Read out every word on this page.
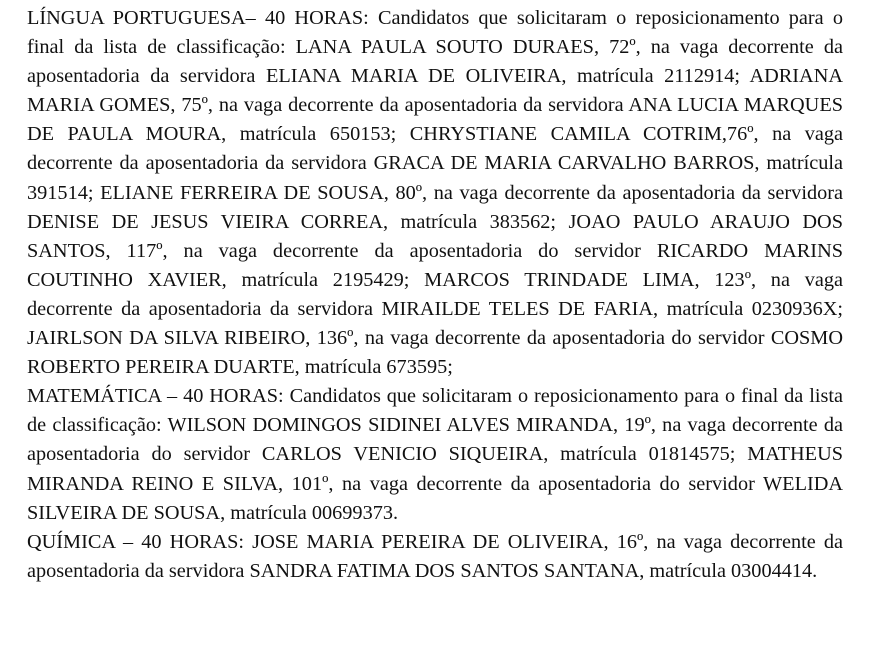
LÍNGUA PORTUGUESA– 40 HORAS: Candidatos que solicitaram o reposicionamento para o final da lista de classificação: LANA PAULA SOUTO DURAES, 72º, na vaga decorrente da aposentadoria da servidora ELIANA MARIA DE OLIVEIRA, matrícula 2112914; ADRIANA MARIA GOMES, 75º, na vaga decorrente da aposentadoria da servidora ANA LUCIA MARQUES DE PAULA MOURA, matrícula 650153; CHRYSTIANE CAMILA COTRIM,76º, na vaga decorrente da aposentadoria da servidora GRACA DE MARIA CARVALHO BARROS, matrícula 391514; ELIANE FERREIRA DE SOUSA, 80º, na vaga decorrente da aposentadoria da servidora DENISE DE JESUS VIEIRA CORREA, matrícula 383562; JOAO PAULO ARAUJO DOS SANTOS, 117º, na vaga decorrente da aposentadoria do servidor RICARDO MARINS COUTINHO XAVIER, matrícula 2195429; MARCOS TRINDADE LIMA, 123º, na vaga decorrente da aposentadoria da servidora MIRAILDE TELES DE FARIA, matrícula 0230936X; JAIRLSON DA SILVA RIBEIRO, 136º, na vaga decorrente da aposentadoria do servidor COSMO ROBERTO PEREIRA DUARTE, matrícula 673595;

MATEMÁTICA – 40 HORAS: Candidatos que solicitaram o reposicionamento para o final da lista de classificação: WILSON DOMINGOS SIDINEI ALVES MIRANDA, 19º, na vaga decorrente da aposentadoria do servidor CARLOS VENICIO SIQUEIRA, matrícula 01814575; MATHEUS MIRANDA REINO E SILVA, 101º, na vaga decorrente da aposentadoria do servidor WELIDA SILVEIRA DE SOUSA, matrícula 00699373.

QUÍMICA – 40 HORAS: JOSE MARIA PEREIRA DE OLIVEIRA, 16º, na vaga decorrente da aposentadoria da servidora SANDRA FATIMA DOS SANTOS SANTANA, matrícula 03004414.
